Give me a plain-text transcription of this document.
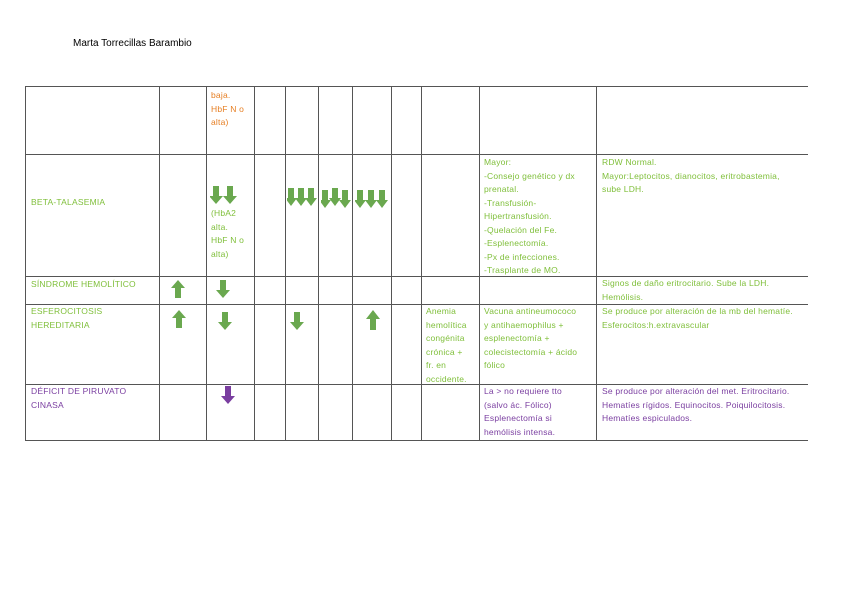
Marta Torrecillas Barambio
baja.
HbF N o
alta)
BETA-TALASEMIA
(HbA2
alta.
HbF N o
alta)
Mayor:
-Consejo genético y dx
prenatal.
-Transfusión-
Hipertransfusión.
-Quelación del Fe.
-Esplenectomía.
-Px de infecciones.
-Trasplante de MO.
RDW Normal.
Mayor:Leptocitos, dianocitos, eritrobastemia,
sube LDH.
SÍNDROME HEMOLÍTICO	Signos de daño eritrocitario. Sube la LDH.
Hemólisis.
ESFEROCITOSIS
HEREDITARIA
Anemia
hemolítica
congénita
crónica +
fr. en
occidente.
Vacuna antineumococo
y antihaemophilus +
esplenectomía +
colecistectomía + ácido
fólico
Se produce por alteración de la mb del hematíe.
Esferocitos:h.extravascular
DÉFICIT DE PIRUVATO
CINASA
La > no requiere tto
(salvo ác. Fólico)
Esplenectomía si
hemólisis intensa.
Se produce por alteración del met. Eritrocitario.
Hematíes rígidos. Equinocitos. Poiquilocitosis.
Hematíes espiculados.
